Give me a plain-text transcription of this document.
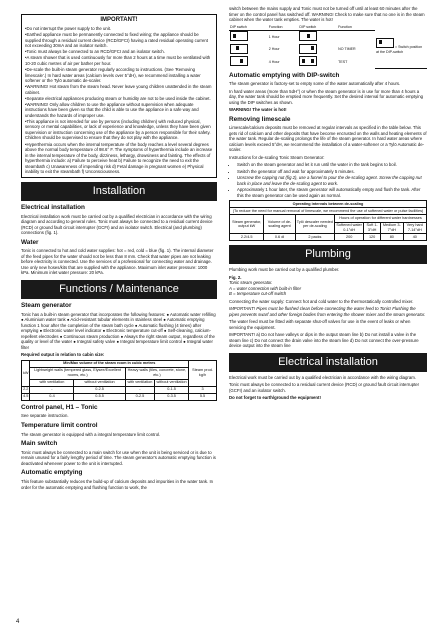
IMPORTANT!
• Do not interrupt the power supply to the unit.
• Earthed appliance must be permanently connected to fixed wiring; the appliance should be supplied through a residual current device (RCD/GFCI) having a rated residual operating current not exceeding 30mA and an isolator switch.
• Tonic must always be connected to an RCD/GFCI and an isolator switch.
• A steam shower that is used continuously for more than 2 hours at a time must be ventilated with 10-20 cubic metres of air per bather per hour.
• De-scale the built-in steam generator regularly according to instructions. (See 'Removing limescale'.) In hard water areas (calcium levels over 5°dH), we recommend installing a water softener or the Tylö automatic de-scaler.
• WARNING! Hot steam from the steam head. Never leave young children unattended in the steam cabinet.
• Separate electrical appliances producing steam or humidity are not to be used inside the cabinet.
• WARNING! Only allow children to use the appliance without supervision when adequate instructions have been given so that the child is able to use the appliance in a safe way and understands the hazards of improper use.
• This appliance is not intended for use by persons (including children) with reduced physical, sensory or mental capabilities, or lack of experience and knowledge, unless they have been given supervision or instruction concerning use of the appliance by a person responsible for their safety. Children should be supervised to ensure that they do not play with the appliance.
• Hyperthermia occurs when the internal temperature of the body reaches a level several degrees above the normal body temperature of 98.6° F. The symptoms of hyperthermia include an increase in the internal temperature of the body, dizziness, lethargy, drowsiness and fainting. The effects of hyperthermia include: a) Failure to perceive heat b) Failure to recognize the need to exit the steambath c) Unawareness of impending risk d) Fetal damage in pregnant women e) Physical inability to exit the steambath f) Unconsciousness.
Installation
Electrical installation

Electrical installation work must be carried out by a qualified electrician in accordance with the wiring diagram and according to general rules. Tonic must always be connected to a residual current device (RCD) or ground fault circuit interrupter (GCFI) and an isolator switch. Electrical (and plumbing) connections (fig. 1).

Water

Tonic is connected to hot and cold water supplies: hot = red, cold = blue (fig. 1). The internal diameter of the feed pipes for the water should not be less than 8 mm. Check that water pipes are not leaking before electricity is connected. Use the services of a professional for connecting water and drainage. Use only new hoses/kits that are supplied with the appliance. Maximum inlet water pressure: 1000 kPa. Minimum inlet water pressure: 20 kPa.

Functions / Maintenance
Steam generator

Tonic has a built-in steam generator that incorporates the following features: ● Automatic water refilling ● Aluminium water tank ● Acid-resistant tubular elements in stainless steel ● Automatic emptying function 1 hour after the completion of the steam bath cycle ● Automatic flushing (4 times) after emptying ● Electronic water level indicator ● Electronic temperature cut-off ● Self-cleaning, calcium-repellent electrodes ● Continuous steam production ● Always the right steam output, regardless of the quality or level of the water ● Integral safety valve ● Integral temperature limit control ● Integral water filter

Required output in relation to cabin size:

kW	Min/Max volume of the steam room in cubic metres				Steam prod. kg/h
	Lightweight walls (tempered glass, Elysee/Excellent rooms, etc.)		Heavy walls (tiles, concrete, stone, etc.)		
	with ventilation	without ventilation	with ventilation	without ventilation	
2.2	-	0-2.5	-	0-1.5	3
4.5	0-4	0-5.5	0-2.5	0-3.5	5.5
Control panel, H1 – Tonic

See separate instruction.

Temperature limit control

The steam generator is equipped with a integral temperature limit control.

Main switch

Tonic must always be connected to a main switch for use when the unit is being serviced or is due to remain unused for a fairly lengthy period of time. The steam generator's automatic emptying function is deactivated whenever power to the unit is interrupted.

Automatic emptying

This feature substantially reduces the build-up of calcium deposits and impurities in the water tank. In order for the automatic emptying and flushing function to work, the

switch between the mains supply and Tonic must not be turned off until at least 60 minutes after the timer on the control panel has switched off. WARNING! Check to make sure that no one is in the steam cabinet when the water tank empties. The water is hot!

DIP switch	Function	DIP switch	Function	= Switch position at the DIP-switch

	1 Hour		

	2 Hour		NO TIMER	

	4 Hour		TEST	
Automatic emptying with DIP-switch

The steam generator is factory-set to empty some of the water automatically after 4 hours.

In hard water areas (more than 5dH°) or when the steam generator is in use for more than 4 hours a day, the water tank should be emptied more frequently. Set the desired interval for automatic emptying using the DIP switches as shown.

WARNING! The water is hot!

Removing limescale

Limescale/calcium deposits must be removed at regular intervals as specified in the table below. This gets rid of calcium and other deposits that have become encrusted on the walls and heating elements of the water tank. Regular de-scaling prolongs the life of the steam generator. In hard water areas where calcium levels exceed 5°dH, we recommend the installation of a water-softener or a Tylö Automatic de-scaler.

Instructions for de-scaling Tonic Steam Generator:

• Switch on the steam generator and let it run until the water in the tank begins to boil.
• Switch the generator off and wait for approximately 5 minutes.
• Unscrew the capping nut (fig 2), use a funnel to pour the de-scaling agent. Screw the capping nut back in place and leave the de-scaling agent to work.
• Approximately 1 hour later, the steam generator will automatically empty and flush the tank. After this the steam generator can be used again as normal.
Operating intervals between de-scaling						
(To reduce the need for manual removal of limescale, we recommend the use of softened water or pulse facilities)						
Steam generator, output kW	Volume of de-scaling agent	Tylö descaler needed per de-scaling	Hours of operation for different water hardnesses			
			Softened water 0-1°dH	Soft 1-3°dH	Medium 3-7°dH	Very hard 7-14°dH
2.2/4.5	0.6 dl	2 packs	200	120	80	40
Plumbing

Plumbing work must be carried out by a qualified plumber.

Fig. 2.

Tonic steam generator.

A = water connection with built-in filter

B = temperature cut-off switch

Connecting the water supply: Connect hot and cold water to the thermostatically controlled mixer.

IMPORTANT! Pipes must be flushed clean before connecting the water feed to Tonic! Flushing the pipes prevents swarf and other foreign bodies from entering the shower mixer and the steam generator.

The water feed must be fitted with separate shut-off valves for use in the event of leaks or when servicing the equipment.

IMPORTANT! a) Do not have valleys or dips in the output steam line b) Do not install a valve in the steam line c) Do not connect the drain valve into the steam line d) Do not connect the over-pressure device output into the steam line

Electrical installation

Electrical work must be carried out by a qualified electrician in accordance with the wiring diagram.

Tonic must always be connected to a residual current device (RCD) or ground fault circuit interrupter (GCFI) and an isolator switch.

Do not forget to earth/ground the equipment!

4
